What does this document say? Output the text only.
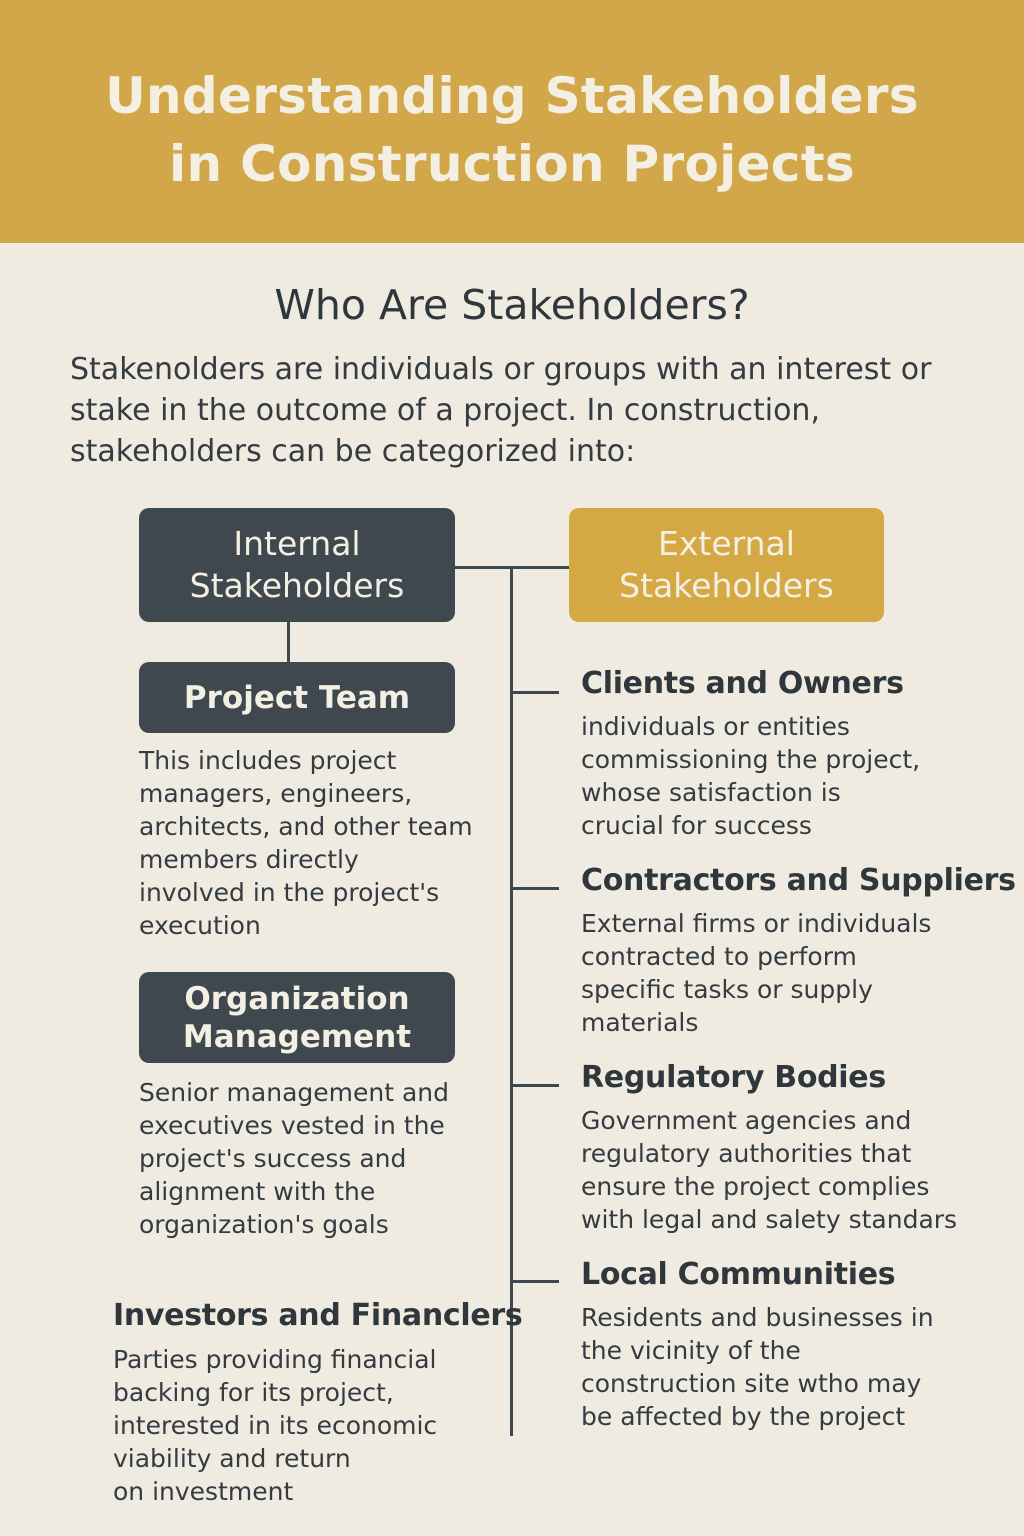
Understanding Stakeholders
in Construction Projects
Who Are Stakeholders?

Stakenolders are individuals or groups with an interest or
stake in the outcome of a project. In construction,
stakeholders can be categorized into:

Internal
Stakeholders
External
Stakeholders
Project Team
This includes project
managers, engineers,
architects, and other team
members directly
involved in the project's
execution
Organization
Management
Senior management and
executives vested in the
project's success and
alignment with the
organization's goals
Investors and Financlers
Parties providing financial
backing for its project,
interested in its economic
viability and return
on investment
Clients and Owners
individuals or entities
commissioning the project,
whose satisfaction is
crucial for success
Contractors and Suppliers
External firms or individuals
contracted to perform
specific tasks or supply
materials
Regulatory Bodies
Government agencies and
regulatory authorities that
ensure the project complies
with legal and salety standars
Local Communities
Residents and businesses in
the vicinity of the
construction site wtho may
be affected by the project
